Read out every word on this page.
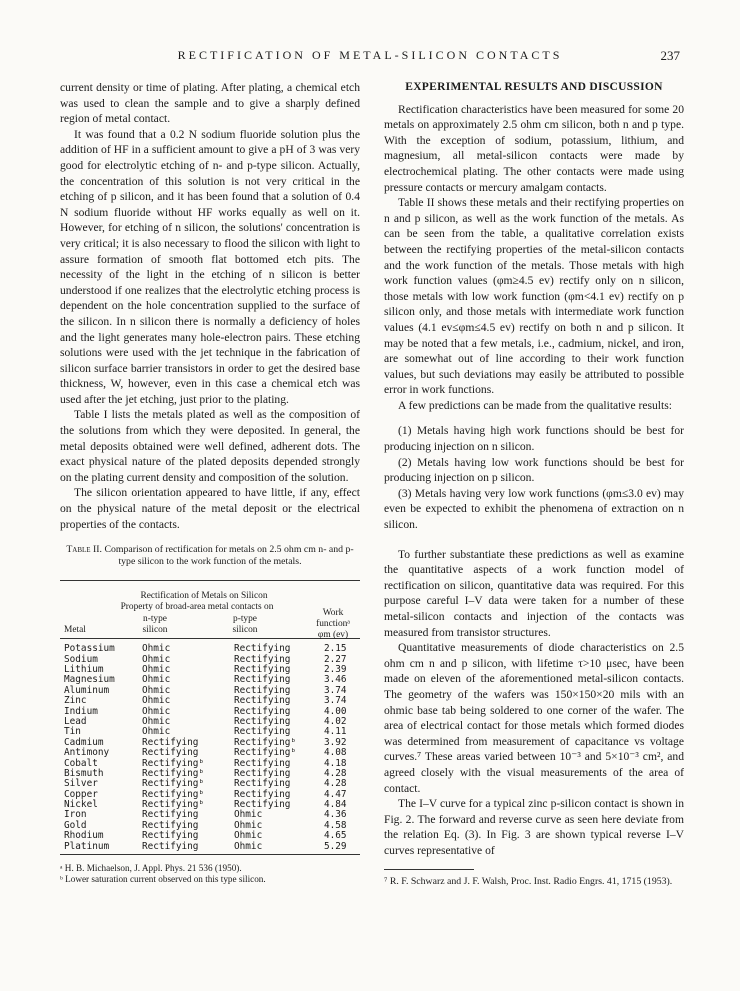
RECTIFICATION OF METAL-SILICON CONTACTS	237

current density or time of plating. After plating, a chemical etch was used to clean the sample and to give a sharply defined region of metal contact.

It was found that a 0.2 N sodium fluoride solution plus the addition of HF in a sufficient amount to give a pH of 3 was very good for electrolytic etching of n- and p-type silicon. Actually, the concentration of this solution is not very critical in the etching of p silicon, and it has been found that a solution of 0.4 N sodium fluoride without HF works equally as well on it. However, for etching of n silicon, the solutions' concentration is very critical; it is also necessary to flood the silicon with light to assure formation of smooth flat bottomed etch pits. The necessity of the light in the etching of n silicon is better understood if one realizes that the electrolytic etching process is dependent on the hole concentration supplied to the surface of the silicon. In n silicon there is normally a deficiency of holes and the light generates many hole-electron pairs. These etching solutions were used with the jet technique in the fabrication of silicon surface barrier transistors in order to get the desired base thickness, W, however, even in this case a chemical etch was used after the jet etching, just prior to the plating.

Table I lists the metals plated as well as the composition of the solutions from which they were deposited. In general, the metal deposits obtained were well defined, adherent dots. The exact physical nature of the plated deposits depended strongly on the plating current density and composition of the solution.

The silicon orientation appeared to have little, if any, effect on the physical nature of the metal deposit or the electrical properties of the contacts.

Table II. Comparison of rectification for metals on 2.5 ohm cm n- and p-type silicon to the work function of the metals.
Rectification of Metals on Silicon
Property of broad-area metal contacts on
Metal
n-type
silicon
p-type
silicon
Work
functionᵃ
φm (ev)
Potassium	Ohmic	Rectifying	2.15
Sodium	Ohmic	Rectifying	2.27
Lithium	Ohmic	Rectifying	2.39
Magnesium	Ohmic	Rectifying	3.46
Aluminum	Ohmic	Rectifying	3.74
Zinc	Ohmic	Rectifying	3.74
Indium	Ohmic	Rectifying	4.00
Lead	Ohmic	Rectifying	4.02
Tin	Ohmic	Rectifying	4.11
Cadmium	Rectifying	Rectifyingᵇ	3.92
Antimony	Rectifying	Rectifyingᵇ	4.08
Cobalt	Rectifyingᵇ	Rectifying	4.18
Bismuth	Rectifyingᵇ	Rectifying	4.28
Silver	Rectifyingᵇ	Rectifying	4.28
Copper	Rectifyingᵇ	Rectifying	4.47
Nickel	Rectifyingᵇ	Rectifying	4.84
Iron	Rectifying	Ohmic	4.36
Gold	Rectifying	Ohmic	4.58
Rhodium	Rectifying	Ohmic	4.65
Platinum	Rectifying	Ohmic	5.29
ᵃ H. B. Michaelson, J. Appl. Phys. 21 536 (1950).
ᵇ Lower saturation current observed on this type silicon.
EXPERIMENTAL RESULTS AND DISCUSSION

Rectification characteristics have been measured for some 20 metals on approximately 2.5 ohm cm silicon, both n and p type. With the exception of sodium, potassium, lithium, and magnesium, all metal-silicon contacts were made by electrochemical plating. The other contacts were made using pressure contacts or mercury amalgam contacts.

Table II shows these metals and their rectifying properties on n and p silicon, as well as the work function of the metals. As can be seen from the table, a qualitative correlation exists between the rectifying properties of the metal-silicon contacts and the work function of the metals. Those metals with high work function values (φm≥4.5 ev) rectify only on n silicon, those metals with low work function (φm<4.1 ev) rectify on p silicon only, and those metals with intermediate work function values (4.1 ev≤φm≤4.5 ev) rectify on both n and p silicon. It may be noted that a few metals, i.e., cadmium, nickel, and iron, are somewhat out of line according to their work function values, but such deviations may easily be attributed to possible error in work functions.

A few predictions can be made from the qualitative results:

(1) Metals having high work functions should be best for producing injection on n silicon.

(2) Metals having low work functions should be best for producing injection on p silicon.

(3) Metals having very low work functions (φm≤3.0 ev) may even be expected to exhibit the phenomena of extraction on n silicon.

To further substantiate these predictions as well as examine the quantitative aspects of a work function model of rectification on silicon, quantitative data was required. For this purpose careful I–V data were taken for a number of these metal-silicon contacts and injection of the contacts was measured from transistor structures.

Quantitative measurements of diode characteristics on 2.5 ohm cm n and p silicon, with lifetime τ>10 μsec, have been made on eleven of the aforementioned metal-silicon contacts. The geometry of the wafers was 150×150×20 mils with an ohmic base tab being soldered to one corner of the wafer. The area of electrical contact for those metals which formed diodes was determined from measurement of capacitance vs voltage curves.⁷ These areas varied between 10⁻³ and 5×10⁻³ cm², and agreed closely with the visual measurements of the area of contact.

The I–V curve for a typical zinc p-silicon contact is shown in Fig. 2. The forward and reverse curve as seen here deviate from the relation Eq. (3). In Fig. 3 are shown typical reverse I–V curves representative of

⁷ R. F. Schwarz and J. F. Walsh, Proc. Inst. Radio Engrs. 41, 1715 (1953).
